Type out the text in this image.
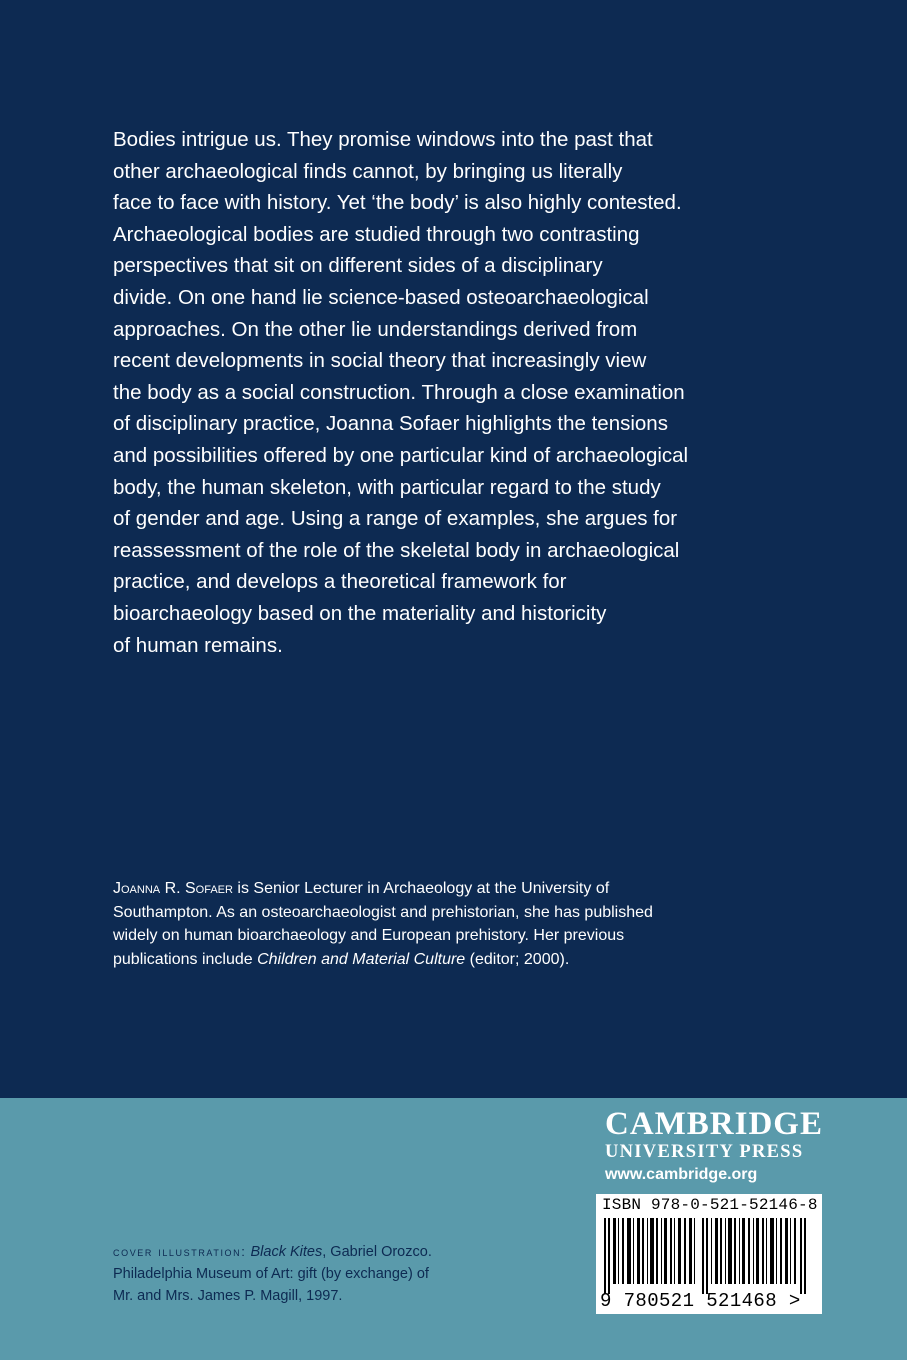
Bodies intrigue us. They promise windows into the past that
other archaeological finds cannot, by bringing us literally
face to face with history. Yet ‘the body’ is also highly contested.
Archaeological bodies are studied through two contrasting
perspectives that sit on different sides of a disciplinary
divide. On one hand lie science-based osteoarchaeological
approaches. On the other lie understandings derived from
recent developments in social theory that increasingly view
the body as a social construction. Through a close examination
of disciplinary practice, Joanna Sofaer highlights the tensions
and possibilities offered by one particular kind of archaeological
body, the human skeleton, with particular regard to the study
of gender and age. Using a range of examples, she argues for
reassessment of the role of the skeletal body in archaeological
practice, and develops a theoretical framework for
bioarchaeology based on the materiality and historicity
of human remains.

Joanna R. Sofaer is Senior Lecturer in Archaeology at the University of
Southampton. As an osteoarchaeologist and prehistorian, she has published
widely on human bioarchaeology and European prehistory. Her previous
publications include Children and Material Culture (editor; 2000).

CAMBRIDGE
UNIVERSITY PRESS
www.cambridge.org
ISBN 978-0-521-52146-8
9 780521 521468 >

cover illustration: Black Kites, Gabriel Orozco.
Philadelphia Museum of Art: gift (by exchange) of
Mr. and Mrs. James P. Magill, 1997.
